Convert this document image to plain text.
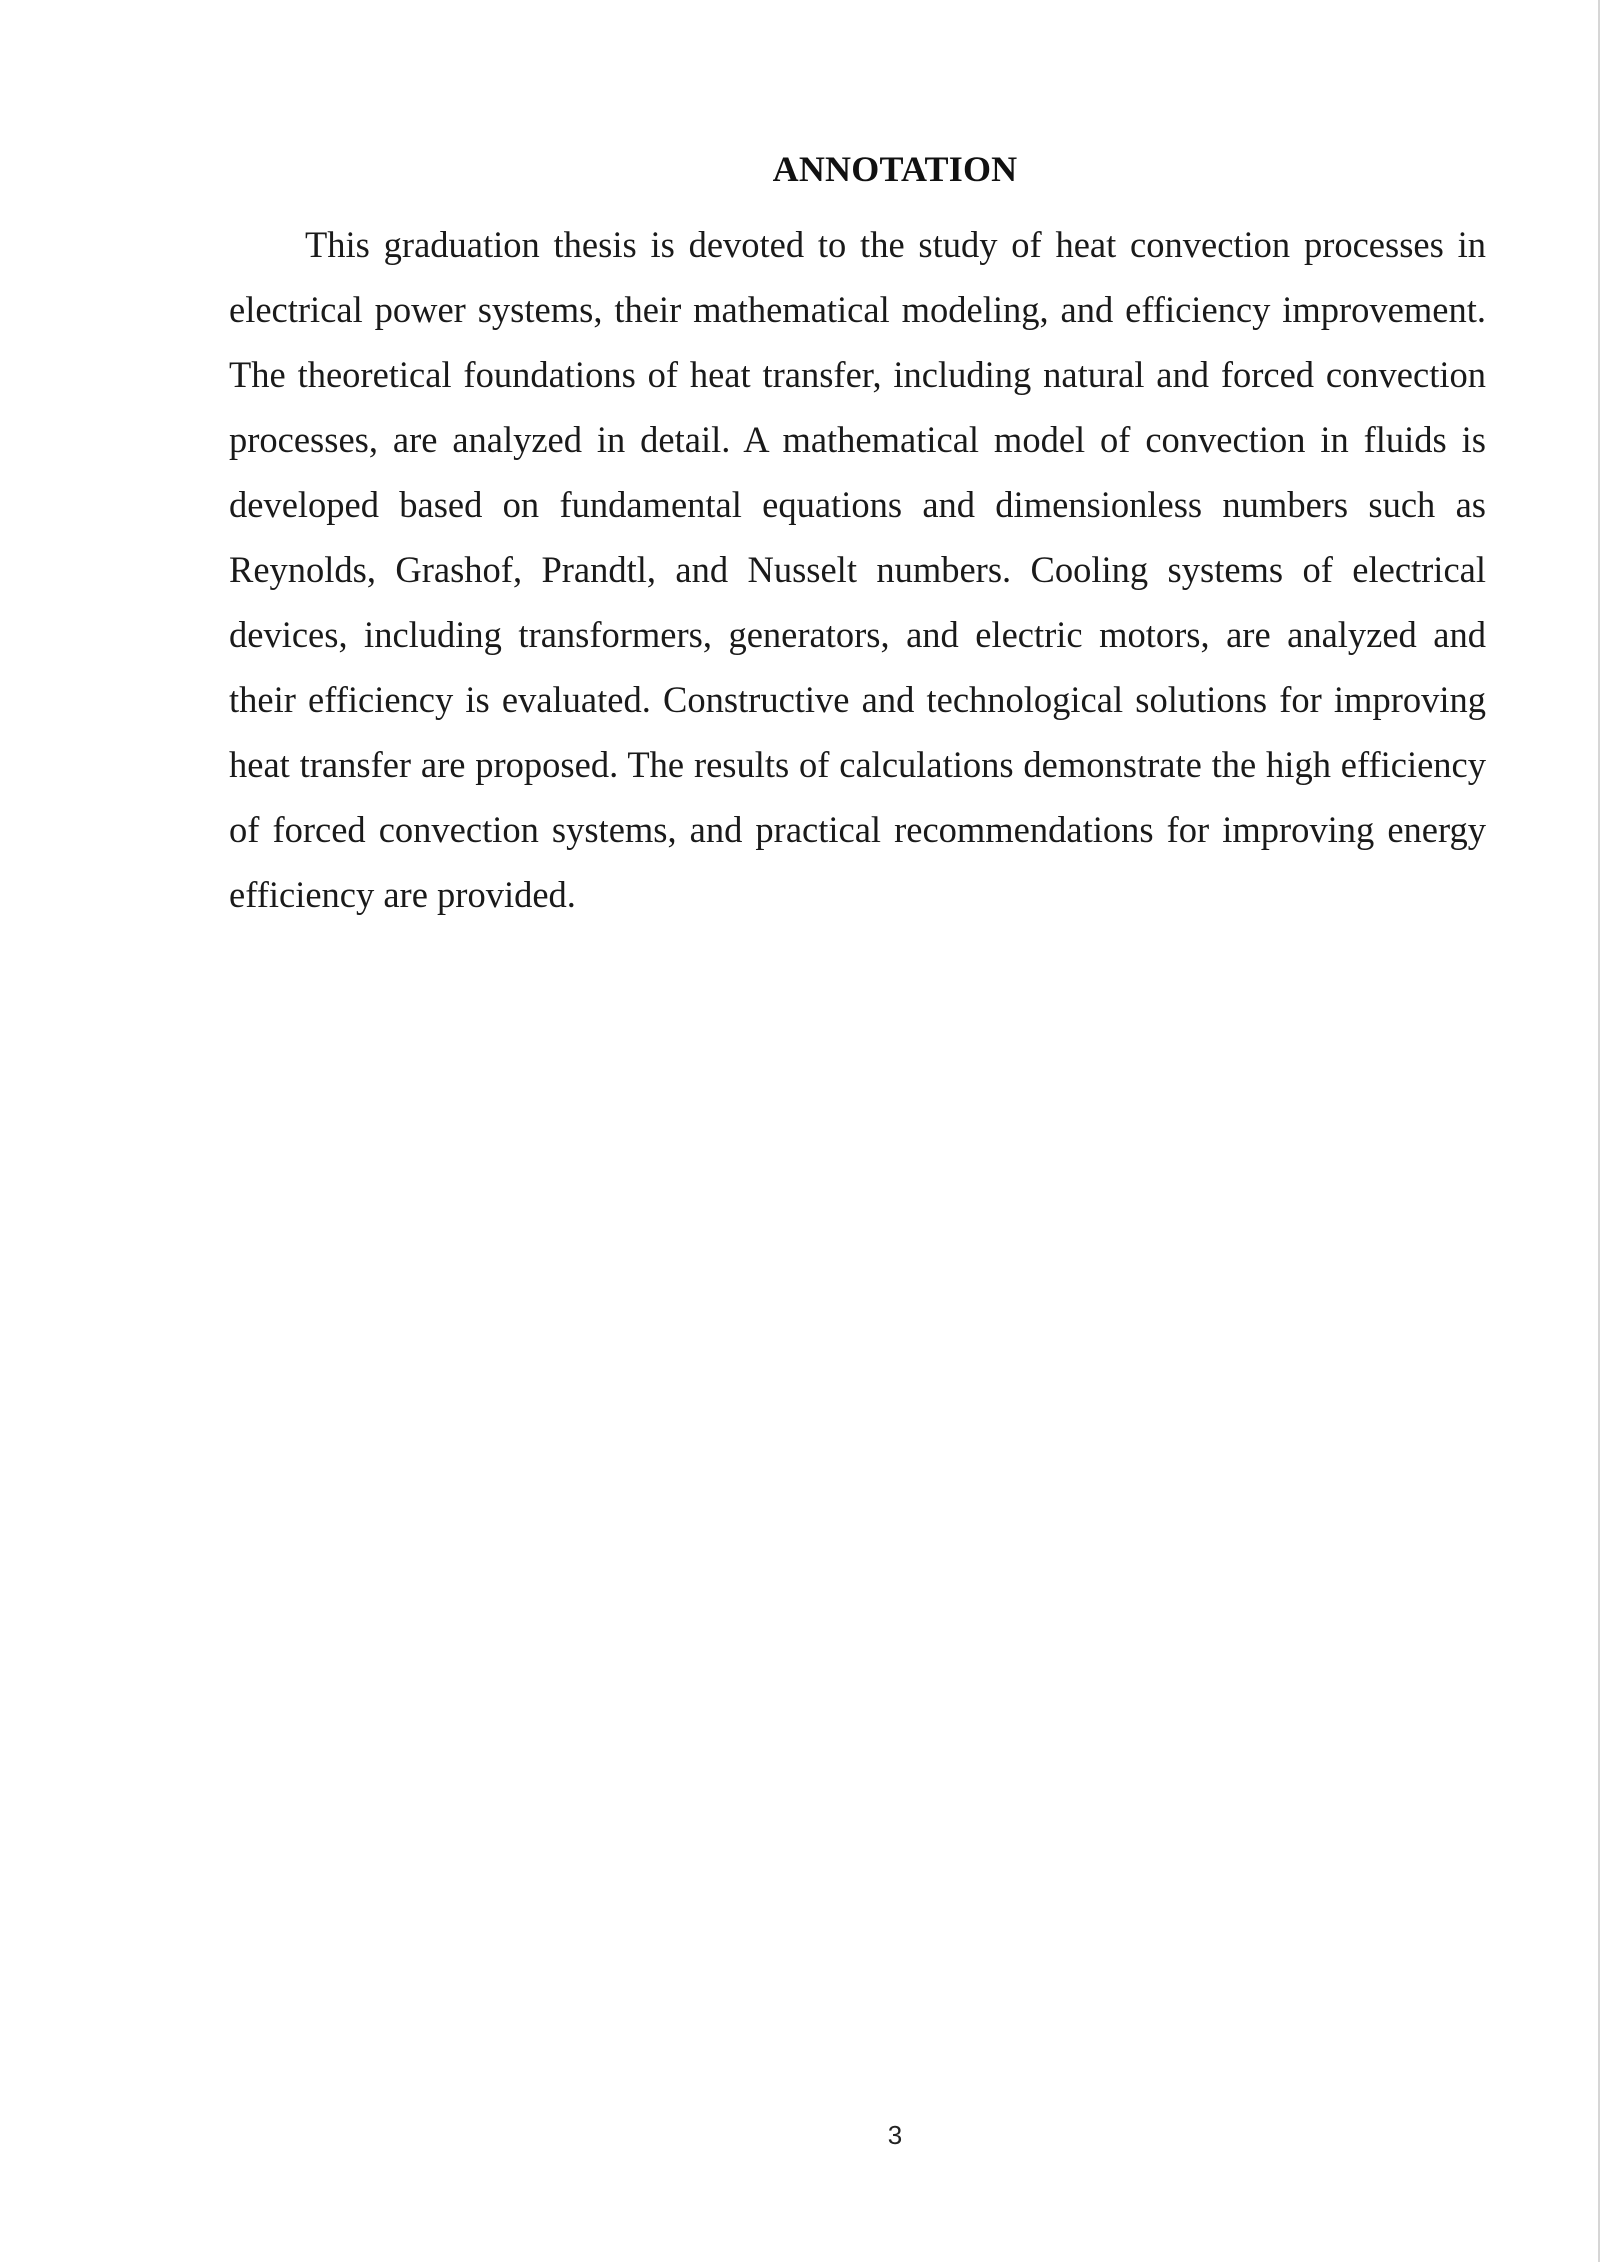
ANNOTATION

This graduation thesis is devoted to the study of heat convection processes in electrical power systems, their mathematical modeling, and efficiency improvement. The theoretical foundations of heat transfer, including natural and forced convection processes, are analyzed in detail. A mathematical model of convection in fluids is developed based on fundamental equations and dimensionless numbers such as Reynolds, Grashof, Prandtl, and Nusselt numbers. Cooling systems of electrical devices, including transformers, generators, and electric motors, are analyzed and their efficiency is evaluated. Constructive and technological solutions for improving heat transfer are proposed. The results of calculations demonstrate the high efficiency of forced convection systems, and practical recommendations for improving energy efficiency are provided.

3
